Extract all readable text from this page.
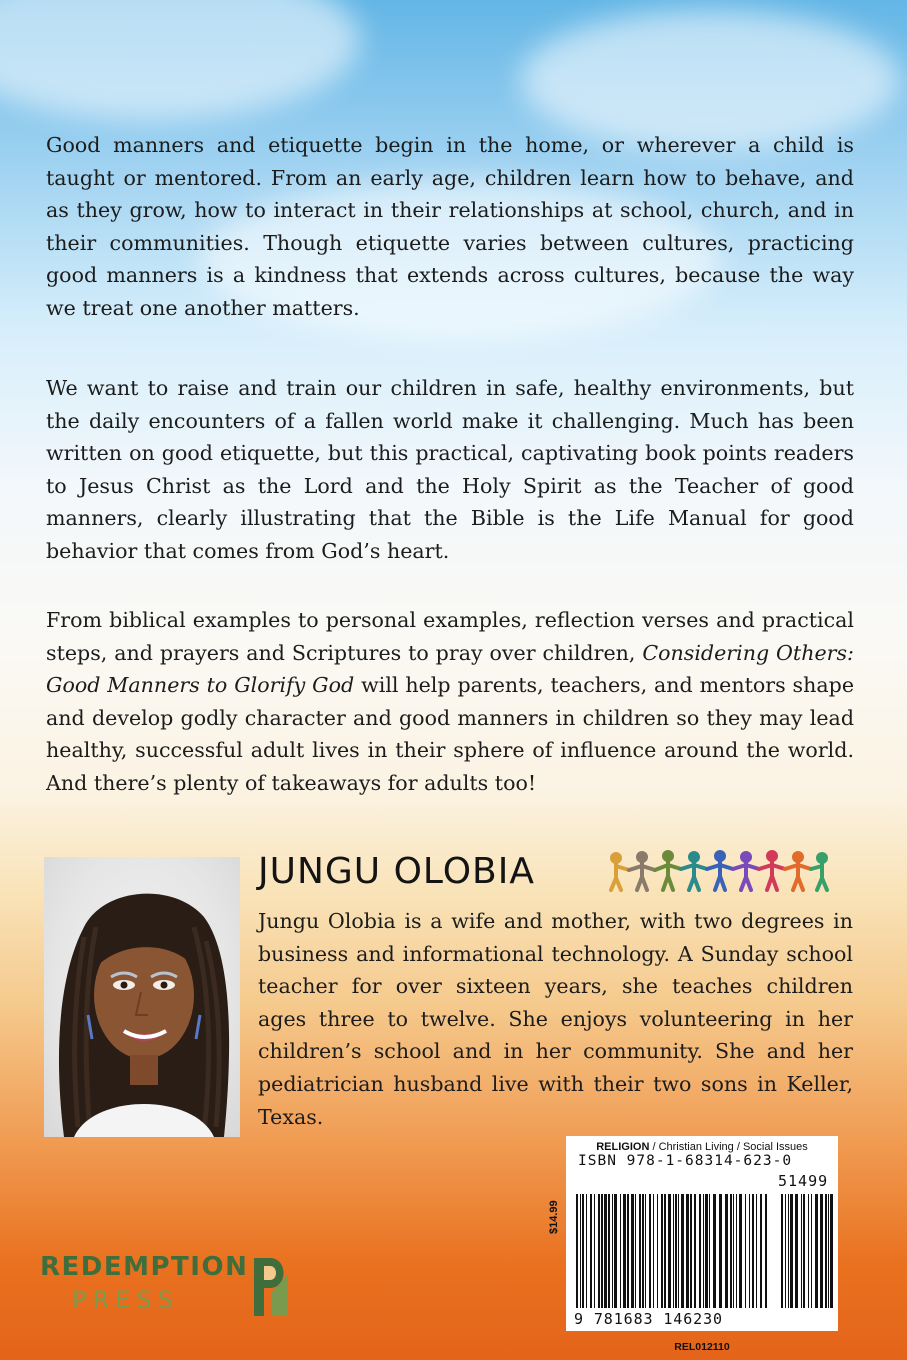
Good manners and etiquette begin in the home, or wherever a child is taught or mentored. From an early age, children learn how to behave, and as they grow, how to interact in their relationships at school, church, and in their communities. Though etiquette varies between cultures, practicing good manners is a kindness that extends across cultures, because the way we treat one another matters.

We want to raise and train our children in safe, healthy environments, but the daily encounters of a fallen world make it challenging. Much has been written on good etiquette, but this practical, captivating book points readers to Jesus Christ as the Lord and the Holy Spirit as the Teacher of good manners, clearly illustrating that the Bible is the Life Manual for good behavior that comes from God’s heart.

From biblical examples to personal examples, reflection verses and practical steps, and prayers and Scriptures to pray over children, Considering Others: Good Manners to Glorify God will help parents, teachers, and mentors shape and develop godly character and good manners in children so they may lead healthy, successful adult lives in their sphere of influence around the world. And there’s plenty of takeaways for adults too!

JUNGU OLOBIA

Jungu Olobia is a wife and mother, with two degrees in business and informational technology. A Sunday school teacher for over sixteen years, she teaches children ages three to twelve. She enjoys volunteering in her children’s school and in her community. She and her pediatrician husband live with their two sons in Keller, Texas.

RELIGION / Christian Living / Social Issues
ISBN 978-1-68314-623-0
51499
$14.99
9 781683 146230
REL012110
REDEMPTION
PRESS
